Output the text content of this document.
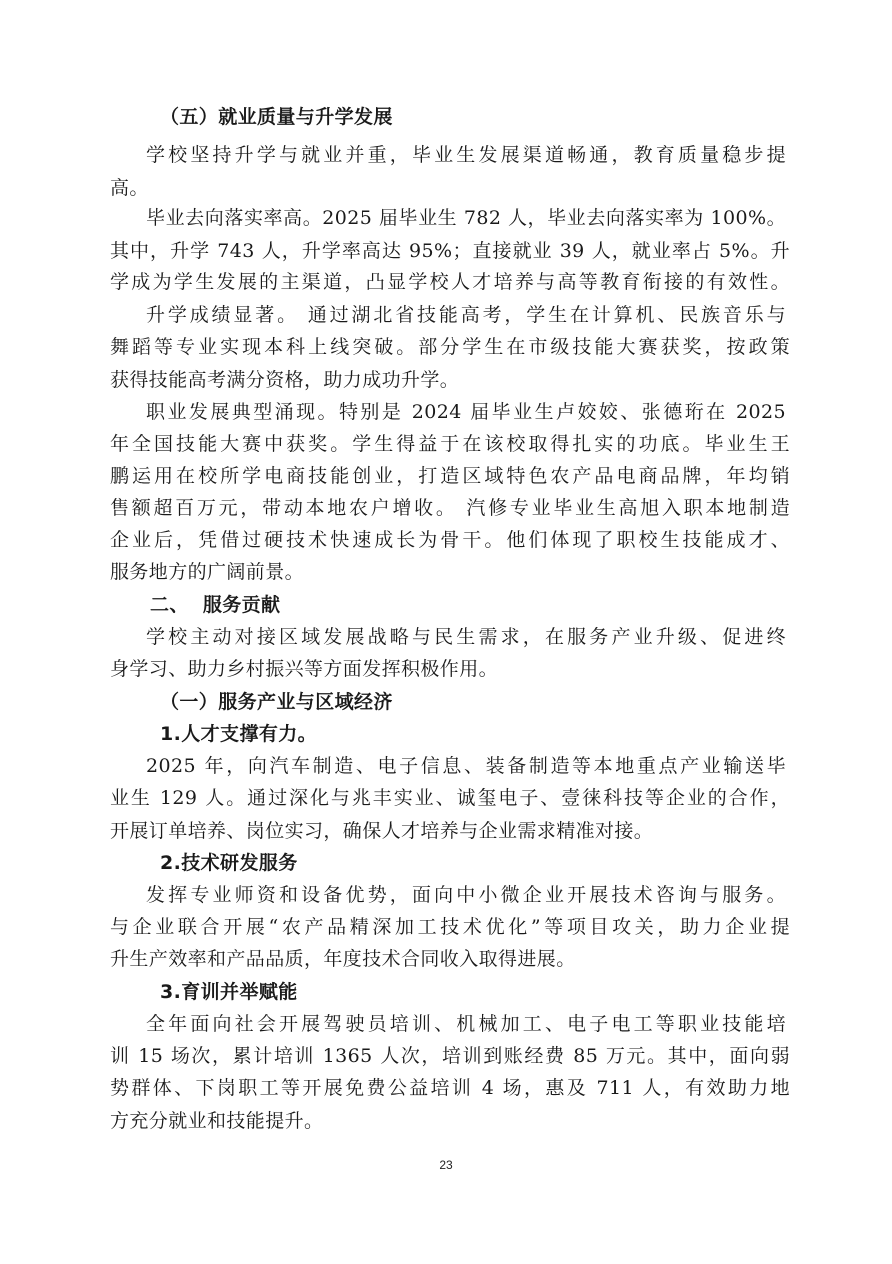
（五）就业质量与升学发展
学校坚持升学与就业并重，毕业生发展渠道畅通，教育质量稳步提
高。
毕业去向落实率高。2025 届毕业生 782 人，毕业去向落实率为 100%。
其中，升学 743 人，升学率高达 95%；直接就业 39 人，就业率占 5%。升
学成为学生发展的主渠道，凸显学校人才培养与高等教育衔接的有效性。
升学成绩显著。 通过湖北省技能高考，学生在计算机、民族音乐与
舞蹈等专业实现本科上线突破。部分学生在市级技能大赛获奖，按政策
获得技能高考满分资格，助力成功升学。
职业发展典型涌现。特别是 2024 届毕业生卢姣姣、张德珩在 2025
年全国技能大赛中获奖。学生得益于在该校取得扎实的功底。毕业生王
鹏运用在校所学电商技能创业，打造区域特色农产品电商品牌，年均销
售额超百万元，带动本地农户增收。 汽修专业毕业生高旭入职本地制造
企业后，凭借过硬技术快速成长为骨干。他们体现了职校生技能成才、
服务地方的广阔前景。
二、  服务贡献
学校主动对接区域发展战略与民生需求，在服务产业升级、促进终
身学习、助力乡村振兴等方面发挥积极作用。
（一）服务产业与区域经济
1.人才支撑有力。
2025 年，向汽车制造、电子信息、装备制造等本地重点产业输送毕
业生 129 人。通过深化与兆丰实业、诚玺电子、壹徕科技等企业的合作，
开展订单培养、岗位实习，确保人才培养与企业需求精准对接。
2.技术研发服务
发挥专业师资和设备优势，面向中小微企业开展技术咨询与服务。
与企业联合开展“农产品精深加工技术优化”等项目攻关，助力企业提
升生产效率和产品品质，年度技术合同收入取得进展。
3.育训并举赋能
全年面向社会开展驾驶员培训、机械加工、电子电工等职业技能培
训 15 场次，累计培训 1365 人次，培训到账经费 85 万元。其中，面向弱
势群体、下岗职工等开展免费公益培训 4 场，惠及 711 人，有效助力地
方充分就业和技能提升。
23
